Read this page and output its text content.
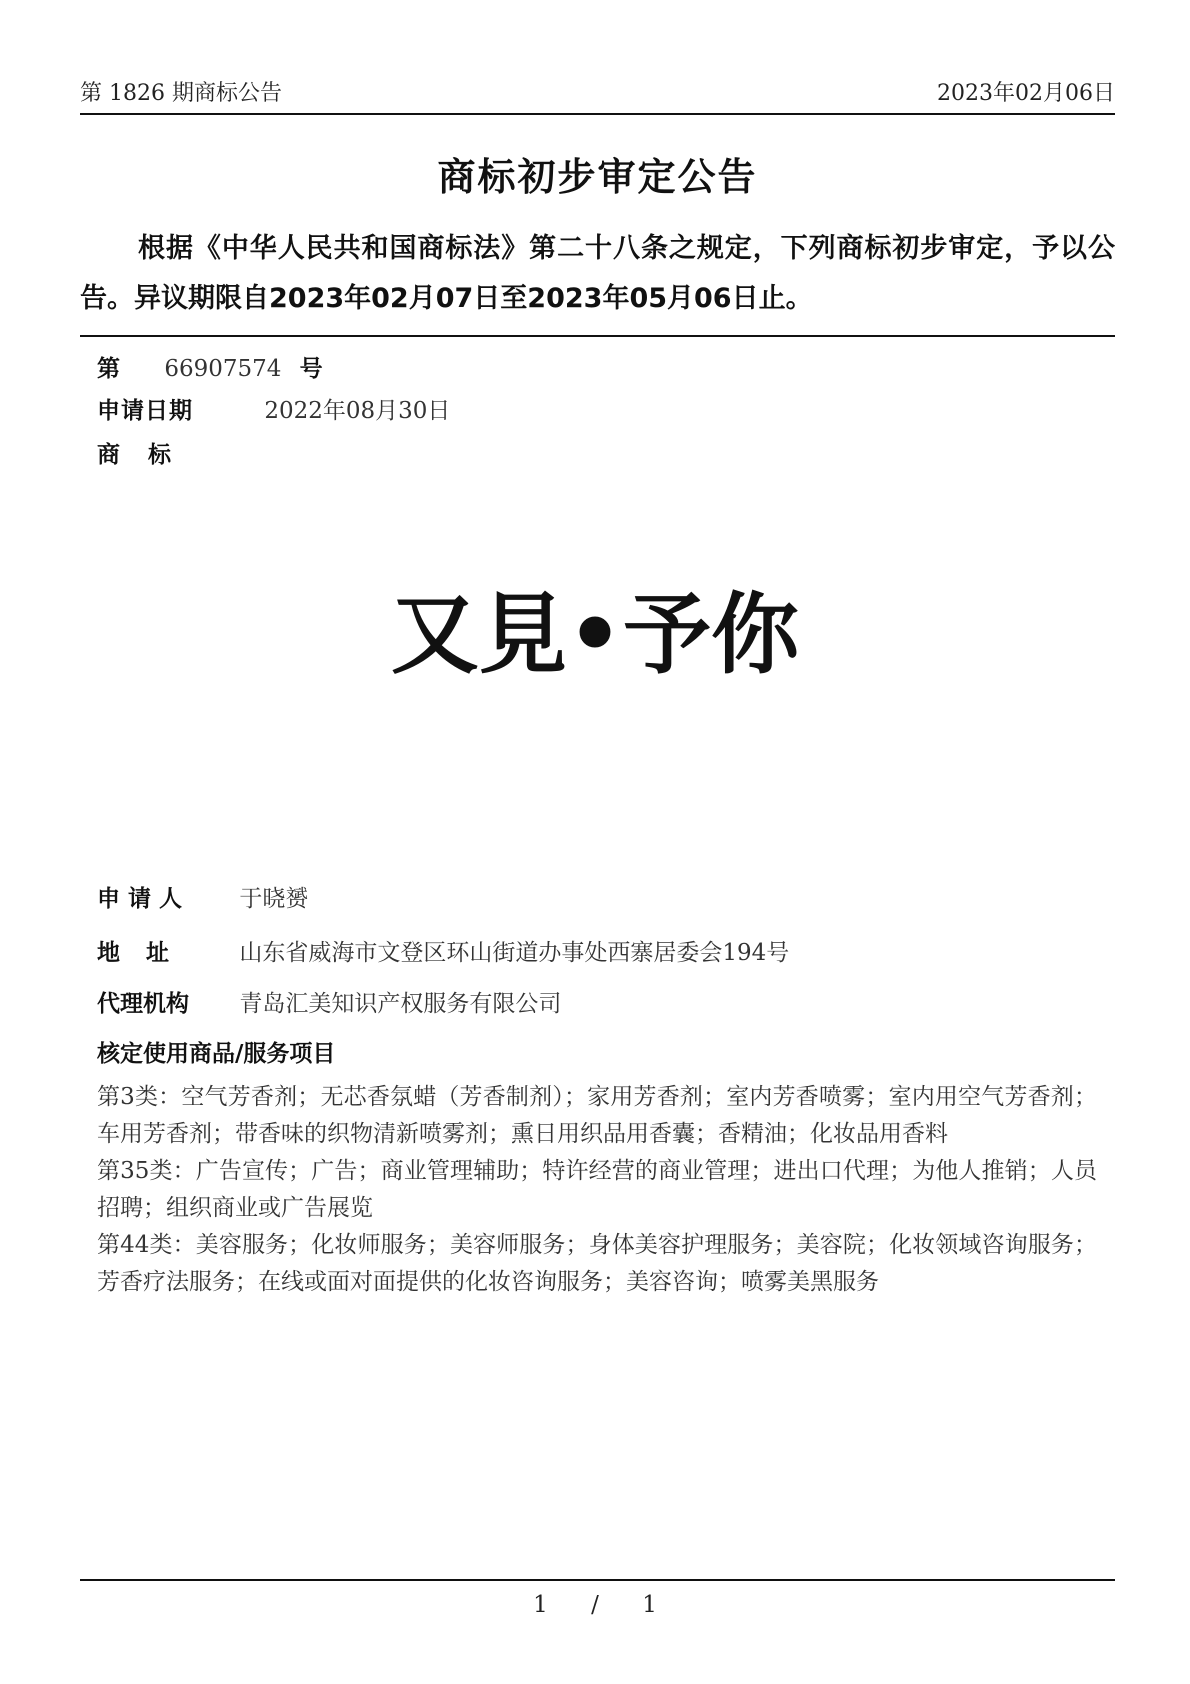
第 1826 期商标公告	2023年02月06日
商标初步审定公告
根据《中华人民共和国商标法》第二十八条之规定，下列商标初步审定，予以公告。异议期限自2023年02月07日至2023年05月06日止。
第 66907574 号
申请日期	2022年08月30日
商标
又見•予你
申请人 于晓赟
地址 山东省威海市文登区环山街道办事处西寨居委会194号
代理机构 青岛汇美知识产权服务有限公司
核定使用商品/服务项目

第3类：空气芳香剂；无芯香氛蜡（芳香制剂）；家用芳香剂；室内芳香喷雾；室内用空气芳香剂；车用芳香剂；带香味的织物清新喷雾剂；熏日用织品用香囊；香精油；化妆品用香料

第35类：广告宣传；广告；商业管理辅助；特许经营的商业管理；进出口代理；为他人推销；人员招聘；组织商业或广告展览

第44类：美容服务；化妆师服务；美容师服务；身体美容护理服务；美容院；化妆领域咨询服务；芳香疗法服务；在线或面对面提供的化妆咨询服务；美容咨询；喷雾美黑服务

1 / 1
